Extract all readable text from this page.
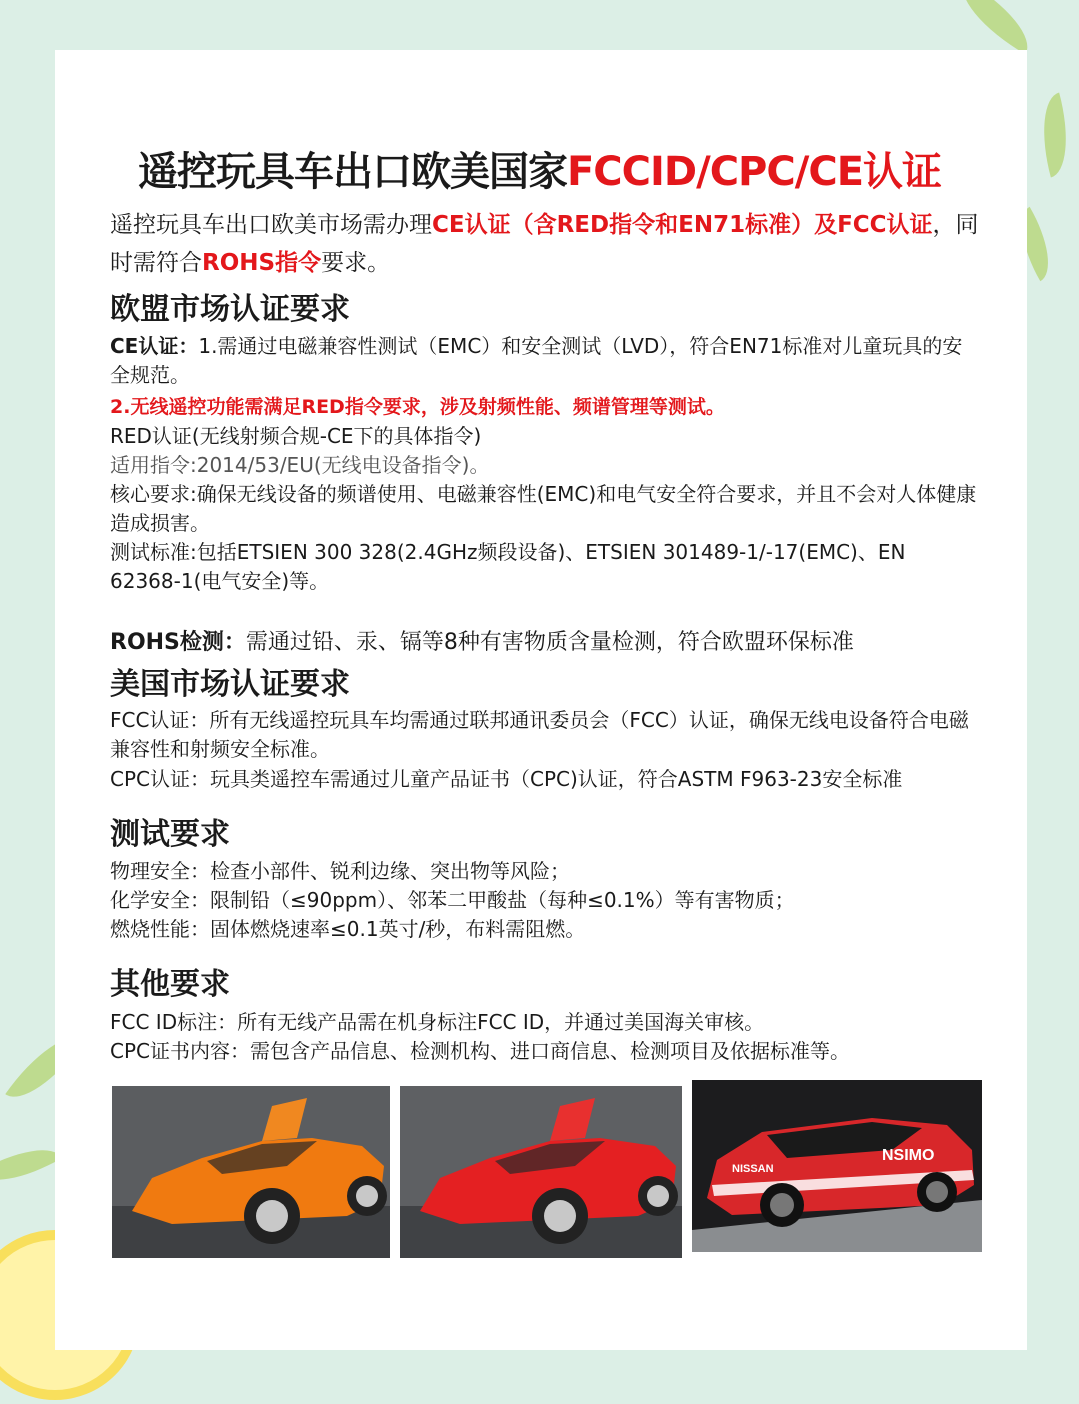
遥控玩具车出口欧美国家FCCID/CPC/CE认证
遥控玩具车出口欧美市场需办理CE认证（含RED指令和EN71标准）及FCC认证，同时需符合ROHS指令要求。
欧盟市场认证要求
CE认证：1.需通过电磁兼容性测试（EMC）和安全测试（LVD），符合EN71标准对儿童玩具的安全规范。
2.无线遥控功能需满足RED指令要求，涉及射频性能、频谱管理等测试。
RED认证(无线射频合规-CE下的具体指令)
适用指令:2014/53/EU(无线电设备指令)。
核心要求:确保无线设备的频谱使用、电磁兼容性(EMC)和电气安全符合要求，并且不会对人体健康造成损害。
测试标准:包括ETSIEN 300 328(2.4GHz频段设备)、ETSIEN 301489-1/-17(EMC)、EN 62368-1(电气安全)等。
ROHS检测：需通过铅、汞、镉等8种有害物质含量检测，符合欧盟环保标准
美国市场认证要求
FCC认证：所有无线遥控玩具车均需通过联邦通讯委员会（FCC）认证，确保无线电设备符合电磁兼容性和射频安全标准。
CPC认证：玩具类遥控车需通过儿童产品证书（CPC)认证，符合ASTM F963-23安全标准
测试要求
物理安全：检查小部件、锐利边缘、突出物等风险；
化学安全：限制铅（≤90ppm）、邻苯二甲酸盐（每种≤0.1%）等有害物质；
燃烧性能：固体燃烧速率≤0.1英寸/秒，布料需阻燃。
其他要求
FCC ID标注：所有无线产品需在机身标注FCC ID，并通过美国海关审核。
CPC证书内容：需包含产品信息、检测机构、进口商信息、检测项目及依据标准等。
NISSAN
NSIMO
